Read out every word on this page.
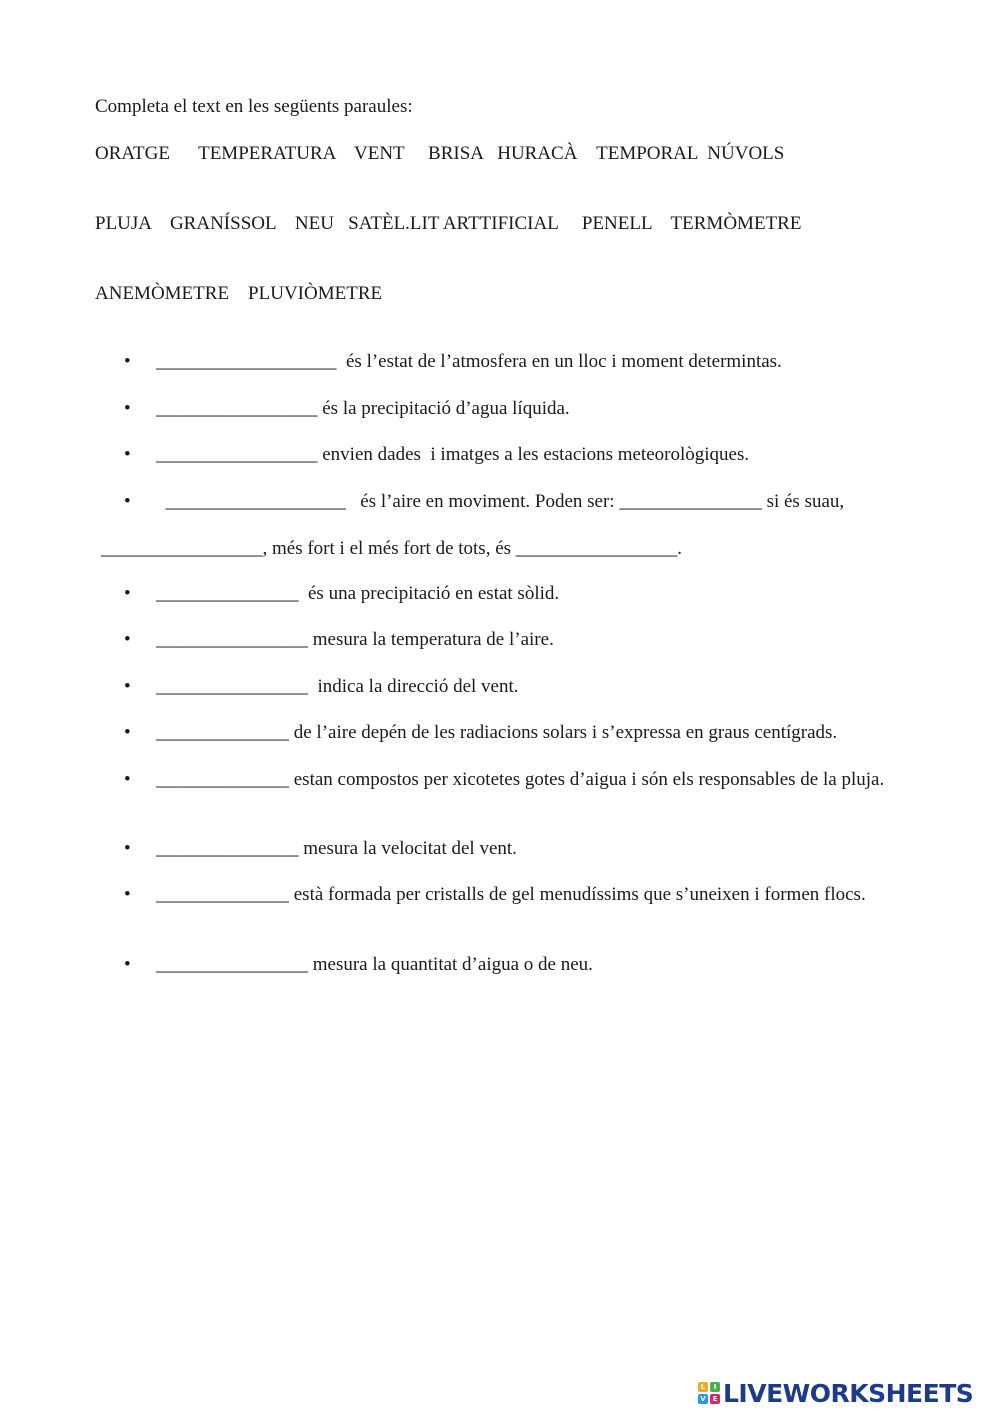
Completa el text en les següents paraules:
ORATGE      TEMPERATURA    VENT     BRISA   HURACÀ    TEMPORAL  NÚVOLS
PLUJA    GRANÍSSOL    NEU   SATÈL.LIT ARTTIFICIAL     PENELL    TERMÒMETRE
ANEMÒMETRE    PLUVIÒMETRE
• ___________________  és l’estat de l’atmosfera en un lloc i moment determintas.
• _________________ és la precipitació d’agua líquida.
• _________________ envien dades  i imatges a les estacions meteorològiques.
• ___________________   és l’aire en moviment. Poden ser: _______________ si és suau,
_________________, més fort i el més fort de tots, és _________________.
• _______________  és una precipitació en estat sòlid.
• ________________ mesura la temperatura de l’aire.
• ________________  indica la direcció del vent.
• ______________ de l’aire depén de les radiacions solars i s’expressa en graus centígrads.
• ______________ estan compostos per xicotetes gotes d’aigua i són els responsables de la pluja.
• _______________ mesura la velocitat del vent.
• ______________ està formada per cristalls de gel menudíssims que s’uneixen i formen flocs.
• ________________ mesura la quantitat d’aigua o de neu.
L	I
V E LIVEWORKSHEETS
